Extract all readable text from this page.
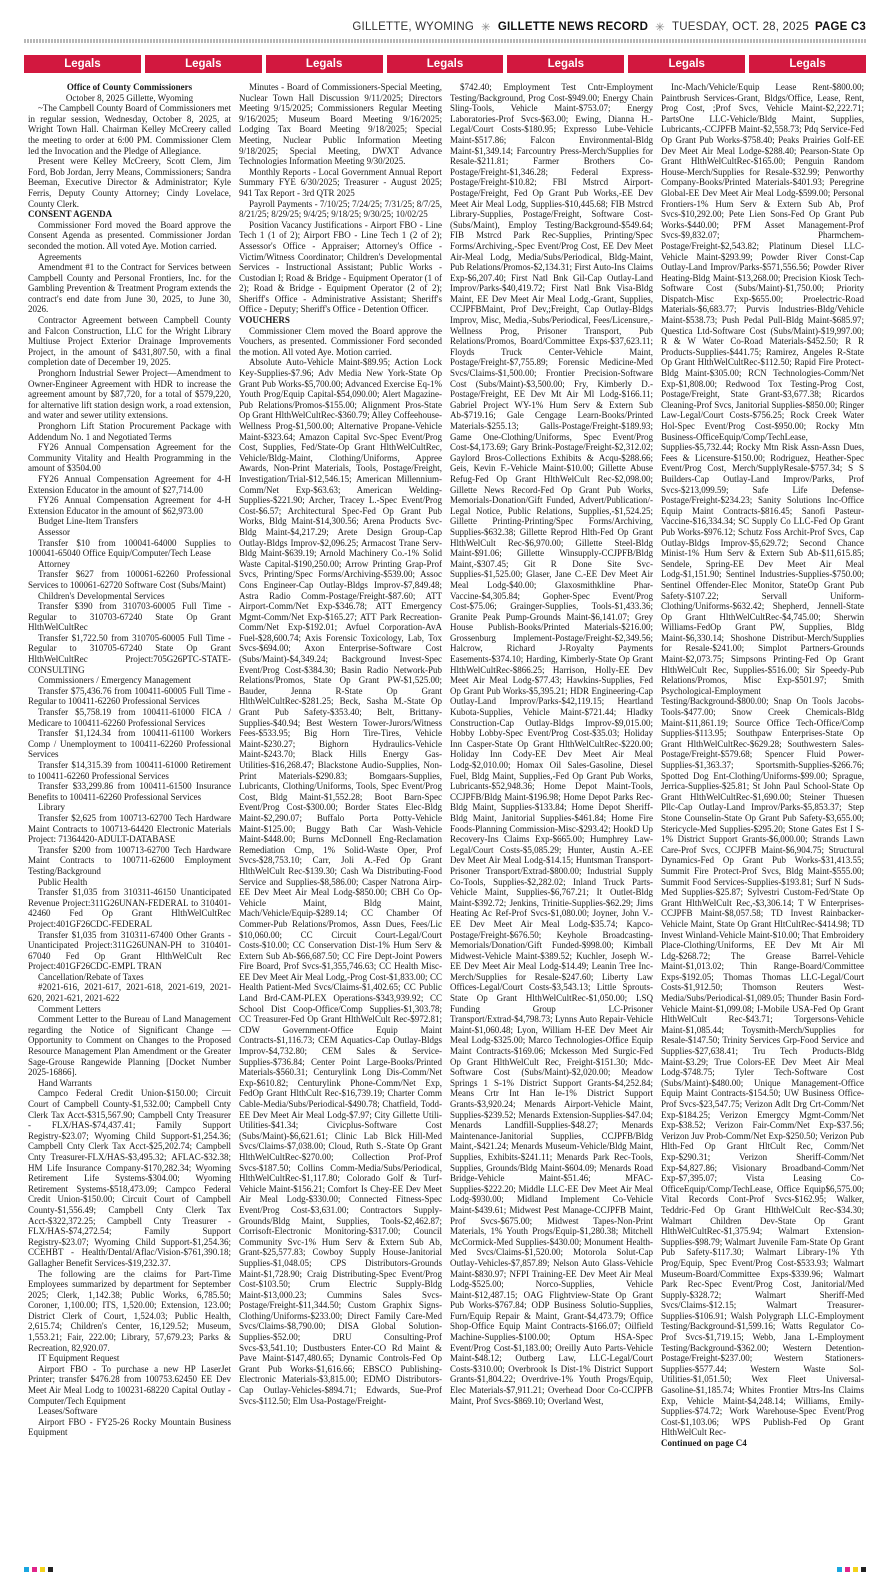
GILLETTE, WYOMING ✳ GILLETTE NEWS RECORD ✳ TUESDAY, OCT. 28, 2025 PAGE C3
Legals	Legals	Legals	Legals	Legals	Legals	Legals

Office of County Commissioners

October 8, 2025 Gillette, Wyoming

~The Campbell County Board of Commissioners met in regular session, Wednesday, October 8, 2025, at Wright Town Hall. Chairman Kelley McCreery called the meeting to order at 6:00 PM. Commissioner Clem led the Invocation and the Pledge of Allegiance.

Present were Kelley McCreery, Scott Clem, Jim Ford, Bob Jordan, Jerry Means, Commissioners; Sandra Beeman, Executive Director & Administrator; Kyle Ferris, Deputy County Attorney; Cindy Lovelace, County Clerk.

CONSENT AGENDA

Commissioner Ford moved the Board approve the Consent Agenda as presented. Commissioner Jordan seconded the motion. All voted Aye. Motion carried.

Agreements

Amendment #1 to the Contract for Services between Campbell County and Personal Frontiers, Inc. for the Gambling Prevention & Treatment Program extends the contract's end date from June 30, 2025, to June 30, 2026.

Contractor Agreement between Campbell County and Falcon Construction, LLC for the Wright Library Multiuse Project Exterior Drainage Improvements Project, in the amount of $431,807.50, with a final completion date of December 19, 2025.

Pronghorn Industrial Sewer Project—Amendment to Owner-Engineer Agreement with HDR to increase the agreement amount by $87,720, for a total of $579,220, for alternative lift station design work, a road extension, and water and sewer utility extensions.

Pronghorn Lift Station Procurement Package with Addendum No. 1 and Negotiated Terms

FY26 Annual Compensation Agreement for the Community Vitality and Health Programming in the amount of $3504.00

FY26 Annual Compensation Agreement for 4-H Extension Educator in the amount of $27,714.00

FY26 Annual Compensation Agreement for 4-H Extension Educator in the amount of $62,973.00

Budget Line-Item Transfers

Assessor

Transfer $10 from 100041-64000 Supplies to 100041-65040 Office Equip/Computer/Tech Lease

Attorney

Transfer $627 from 100061-62260 Professional Services to 100061-62720 Software Cost (Subs/Maint)

Children's Developmental Services

Transfer $390 from 310703-60005 Full Time - Regular to 310703-67240 State Op Grant HlthWelCultRec

Transfer $1,722.50 from 310705-60005 Full Time - Regular to 310705-67240 State Op Grant HlthWelCultRec Project:705G26PTC-STATE-CONSULTING

Commissioners / Emergency Management

Transfer $75,436.76 from 100411-60005 Full Time - Regular to 100411-62260 Professional Services

Transfer $5,758.19 from 100411-61000 FICA / Medicare to 100411-62260 Professional Services

Transfer $1,124.34 from 100411-61100 Workers Comp / Unemployment to 100411-62260 Professional Services

Transfer $14,315.39 from 100411-61000 Retirement to 100411-62260 Professional Services

Transfer $33,299.86 from 100411-61500 Insurance Benefits to 100411-62260 Professional Services

Library

Transfer $2,625 from 100713-62700 Tech Hardware Maint Contracts to 100713-64420 Electronic Materials Project: 71364420-ADULT-DATABASE

Transfer $200 from 100713-62700 Tech Hardware Maint Contracts to 100711-62600 Employment Testing/Background

Public Health

Transfer $1,035 from 310311-46150 Unanticipated Revenue Project:311G26UNAN-FEDERAL to 310401-42460 Fed Op Grant HlthWelCultRec Project:401GF26CDC-FEDERAL

Transfer $1,035 from 310311-67400 Other Grants - Unanticipated Project:311G26UNAN-PH to 310401-67040 Fed Op Grant HlthWelCult Rec Project:401GF26CDC-EMPL TRAN

Cancellation/Rebate of Taxes

#2021-616, 2021-617, 2021-618, 2021-619, 2021-620, 2021-621, 2021-622

Comment Letters

Comment Letter to the Bureau of Land Management regarding the Notice of Significant Change — Opportunity to Comment on Changes to the Proposed Resource Management Plan Amendment or the Greater Sage-Grouse Rangewide Planning [Docket Number 2025-16866].

Hand Warrants

Campco Federal Credit Union-$150.00; Circuit Court of Campbell County-$1,532.00; Campbell Cnty Clerk Tax Acct-$315,567.90; Campbell Cnty Treasurer - FLX/HAS-$74,437.41; Family Support Registry-$23.07; Wyoming Child Support-$1,254.36; Campbell Cnty Clerk Tax Acct-$25,202.74; Campbell Cnty Treasurer-FLX/HAS-$3,495.32; AFLAC-$32.38; HM Life Insurance Company-$170,282.34; Wyoming Retirement Life Systems-$304.00; Wyoming Retirement Systems-$518,473.09; Campco Federal Credit Union-$150.00; Circuit Court of Campbell County-$1,556.49; Campbell Cnty Clerk Tax Acct-$322,372.25; Campbell Cnty Treasurer - FLX/HAS-$74,272.54; Family Support Registry-$23.07; Wyoming Child Support-$1,254.36; CCEHBT - Health/Dental/Aflac/Vision-$761,390.18; Gallagher Benefit Services-$19,232.37.

The following are the claims for Part-Time Employees summarized by department for September 2025; Clerk, 1,142.38; Public Works, 6,785.50; Coroner, 1,100.00; ITS, 1,520.00; Extension, 123.00; District Clerk of Court, 1,524.03; Public Health, 2,615.74; Children's Center, 16,129.52; Museum, 1,553.21; Fair, 222.00; Library, 57,679.23; Parks & Recreation, 82,920.07.

IT Equipment Request

Airport FBO - To purchase a new HP LaserJet Printer; transfer $476.28 from 100753.62450 EE Dev Meet Air Meal Lodg to 100231-68220 Capital Outlay - Computer/Tech Equipment

Leases/Software

Airport FBO - FY25-26 Rocky Mountain Business Equipment

Minutes - Board of Commissioners-Special Meeting, Nuclear Town Hall Discussion 9/11/2025; Directors Meeting 9/15/2025; Commissioners Regular Meeting 9/16/2025; Museum Board Meeting 9/16/2025; Lodging Tax Board Meeting 9/18/2025; Special Meeting, Nuclear Public Information Meeting 9/18/2025; Special Meeting, DWXT Advance Technologies Information Meeting 9/30/2025.

Monthly Reports - Local Government Annual Report Summary FYE 6/30/2025; Treasurer - August 2025; 941 Tax Report - 3rd QTR 2025

Payroll Payments - 7/10/25; 7/24/25; 7/31/25; 8/7/25, 8/21/25; 8/29/25; 9/4/25; 9/18/25; 9/30/25; 10/02/25

Position Vacancy Justifications - Airport FBO - Line Tech 1 (1 of 2); Airport FBO - Line Tech 1 (2 of 2); Assessor's Office - Appraiser; Attorney's Office - Victim/Witness Coordinator; Children's Developmental Services - Instructional Assistant; Public Works - Custodian I; Road & Bridge - Equipment Operator (1 of 2); Road & Bridge - Equipment Operator (2 of 2); Sheriff's Office - Administrative Assistant; Sheriff's Office - Deputy; Sheriff's Office - Detention Officer.

VOUCHERS

Commissioner Clem moved the Board approve the Vouchers, as presented. Commissioner Ford seconded the motion. All voted Aye. Motion carried.

Absolute Auto-Vehicle Maint-$89.95; Action Lock Key-Supplies-$7.96; Adv Media New York-State Op Grant Pub Works-$5,700.00; Advanced Exercise Eq-1% Youth Prog/Equip Capital-$54,090.00; Alert Magazine-Pub Relations/Promos-$155.00; Alignment Pros-State Op Grant HlthWelCultRec-$360.79; Alley Coffeehouse-Wellness Prog-$1,500.00; Alternative Propane-Vehicle Maint-$323.64; Amazon Capital Svc-Spec Event/Prog Cost, Supplies, Fed/State-Op Grant HlthWelCultRec, Vehicle/Bldg-Maint, Clothing/Uniforms, Appree Awards, Non-Print Materials, Tools, Postage/Freight, Investigation/Trial-$12,546.15; American Millennium-Comm/Net Exp-$63.63; American Welding-Supplies-$221.90; Archer, Tracey L.-Spec Event/Prog Cost-$6.57; Architectural Spec-Fed Op Grant Pub Works, Bldg Maint-$14,300.56; Arena Products Svc-Bldg Maint-$4,217.29; Arete Design Group-Cap Outlay-Bldgs Improv-$2,096.25; Armacost Trane Serv-Bldg Maint-$639.19; Arnold Machinery Co.-1% Solid Waste Capital-$190,250.00; Arrow Printing Grap-Prof Svcs, Printing/Spec Forms/Archiving-$539.00; Assoc Cons Engineer-Cap Outlay-Bldgs Improv-$7,849.48; Astra Radio Comm-Postage/Freight-$87.60; ATT Airport-Comm/Net Exp-$346.78; ATT Emergency Mgmt-Comm/Net Exp-$165.27; ATT Park Recreation-Comm/Net Exp-$192.01; Avfuel Corporation-AvA Fuel-$28,600.74; Axis Forensic Toxicology, Lab, Tox Svcs-$694.00; Axon Enterprise-Software Cost (Subs/Maint)-$4,349.24; Background Invest-Spec Event/Prog Cost-$384.30; Basin Radio Network-Pub Relations/Promos, State Op Grant PW-$1,525.00; Bauder, Jenna R-State Op Grant HlthWelCultRec-$281.25; Beck, Sasha M.-State Op Grant Pub Safety-$353.40; Belt, Brittany-Supplies-$40.94; Best Western Tower-Jurors/Witness Fees-$533.95; Big Horn Tire-Tires, Vehicle Maint-$230.27; Bighorn Hydraulics-Vehicle Maint-$243.70; Black Hills Energy Gas-Utilities-$16,268.47; Blackstone Audio-Supplies, Non-Print Materials-$290.83; Bomgaars-Supplies, Lubricants, Clothing/Uniforms, Tools, Spec Event/Prog Cost, Bldg Maint-$1,552.28; Boot Barn-Spec Event/Prog Cost-$300.00; Border States Elec-Bldg Maint-$2,290.07; Buffalo Porta Potty-Vehicle Maint-$125.00; Buggy Bath Car Wash-Vehicle Maint-$448.00; Burns McDonnell Eng-Reclamation Remediation Cmp, 1% Solid-Waste Oper, Prof Svcs-$28,753.10; Carr, Joli A.-Fed Op Grant HlthWelCult Rec-$139.30; Cash Wa Distributing-Food Service and Supplies-$8,586.00; Casper Natrona Airp-EE Dev Meet Air Meal Lodg-$850.00; CBH Co Op-Vehicle Maint, Bldg Maint, Mach/Vehicle/Equip-$289.14; CC Chamber Of Commer-Pub Relations/Promos, Assn Dues, Fees/Lic $10,060.00; CC Circuit Court-Legal/Court Costs-$10.00; CC Conservation Dist-1% Hum Serv & Extern Sub Ab-$66,687.50; CC Fire Dept-Joint Powers Fire Board, Prof Svcs-$1,355,746.63; CC Health Misc-EE Dev Meet Air Meal Lodg,-Prog Cost-$1,833.00; CC Health Patient-Med Svcs/Claims-$1,402.65; CC Public Land Brd-CAM-PLEX Operations-$343,939.92; CC School Dist Coop-Office/Comp Supplies-$1,303.78; CC Treasurer-Fed Op Grant HlthWelCult Rec-$972.81; CDW Government-Office Equip Maint Contracts-$1,116.73; CEM Aquatics-Cap Outlay-Bldgs Improv-$4,732.80; CEM Sales & Service-Supplies-$736.84; Center Point Large-Books/Printed Materials-$560.31; Centurylink Long Dis-Comm/Net Exp-$610.82; Centurylink Phone-Comm/Net Exp, FedOp Grant HlthCult Rec-$16,739.19; Charter Comm Cable-Media/Subs/Periodical-$490.78; Chatfield, Todd-EE Dev Meet Air Meal Lodg-$7.97; City Gillette Utili-Utilities-$41.34; Civicplus-Software Cost (Subs/Maint)-$6,621.61; Clinic Lab Blck Hill-Med Svcs/Claims-$7,038.00; Cloud, Ruth S.-State Op Grant HlthWelCultRec-$270.00; Collection Prof-Prof Svcs-$187.50; Collins Comm-Media/Subs/Periodical, HlthWelCultRec-$1,117.80; Colorado Golf & Turf-Vehicle Maint-$156.21; Comfort Is Chey-EE Dev Meet Air Meal Lodg-$330.00; Connected Fitness-Spec Event/Prog Cost-$3,631.00; Contractors Supply-Grounds/Bldg Maint, Supplies, Tools-$2,462.87; Corrisoft-Electronic Monitoring-$317.00; Council Community Svc-1% Hum Serv & Extern Sub Ab, Grant-$25,577.83; Cowboy Supply House-Janitorial Supplies-$1,048.05; CPS Distributors-Grounds Maint-$1,728.90; Craig Distributing-Spec Event/Prog Cost-$103.50; Crum Electric Supply-Bldg Maint-$13,000.23; Cummins Sales Svcs-Postage/Freight-$11,344.50; Custom Graphix Signs-Clothing/Uniforms-$233.00; Direct Family Care-Med Svcs/Claims-$8,790.00; DISA Global Solution-Supplies-$52.00; DRU Consulting-Prof Svcs-$3,541.10; Dustbusters Enter-CO Rd Maint & Pave Maint-$147,480.65; Dynamic Controls-Fed Op Grant Pub Works-$1,616.66; EBSCO Publishing-Electronic Materials-$3,815.00; EDMO Distributors-Cap Outlay-Vehicles-$894.71; Edwards, Sue-Prof Svcs-$112.50; Elm Usa-Postage/Freight-

$742.40; Employment Test Cntr-Employment Testing/Background, Prog Cost-$949.00; Energy Chain Sling-Tools, Vehicle Maint-$753.07; Energy Laboratories-Prof Svcs-$63.00; Ewing, Dianna H.-Legal/Court Costs-$180.95; Expresso Lube-Vehicle Maint-$517.86; Falcon Environmental-Bldg Maint-$1,349.14; Farcountry Press-Merch/Supplies for Resale-$211.81; Farmer Brothers Co-Postage/Freight-$1,346.28; Federal Express-Postage/Freight-$10.82; FBI Mstrcd Airport-Postage/Freight, Fed Op Grant Pub Works,-EE Dev Meet Air Meal Lodg, Supplies-$10,445.68; FIB Mstrcd Library-Supplies, Postage/Freight, Software Cost-(Subs/Maint), Employ Testing/Background-$549.64; FIB Mstrcd Park Rec-Supplies, Printing/Spec Forms/Archiving,-Spec Event/Prog Cost, EE Dev Meet Air-Meal Lodg, Media/Subs/Periodical, Bldg-Maint, Pub Relations/Promos-$2,134.31; First Auto-Ins Claims Exp-$6,207.40; First Natl Bnk Gil-Cap Outlay-Land Improv/Parks-$40,419.72; First Natl Bnk Visa-Bldg Maint, EE Dev Meet Air Meal Lodg,-Grant, Supplies, CCJPFBMaint, Prof Dev,;Freight, Cap Outlay-Bldgs Improv, Misc, Media,-Subs/Periodical, Fees/Licensure,-Wellness Prog, Prisoner Transport, Pub Relations/Promos, Board/Committee Exps-$37,623.11; Floyds Truck Center-Vehicle Maint, Postage/Freight-$7,755.89; Forensic Medicine-Med Svcs/Claims-$1,500.00; Frontier Precision-Software Cost (Subs/Maint)-$3,500.00; Fry, Kimberly D.-Postage/Freight, EE Dev Mt Air Ml Lodg-$166.11; Gabriel Project WY-1% Hum Serv & Extern Sub Ab-$719.16; Gale Cengage Learn-Books/Printed Materials-$255.13; Galls-Postage/Freight-$189.93; Game One-Clothing/Uniforms, Spec Event/Prog Cost-$4,173.69; Gary Brink-Postage/Freight-$2,312.02; Gaylord Bros-Collections Exhibits & Acqu-$288.66; Geis, Kevin F.-Vehicle Maint-$10.00; Gillette Abuse Refug-Fed Op Grant HlthWelCult Rec-$2,098.00; Gillette News Record-Fed Op Grant Pub Works, Memorials-Donation/Gift Funded, Advert/Publication/-Legal Notice, Public Relations, Supplies,-$1,524.25; Gillette Printing-Printing/Spec Forms/Archiving, Supplies-$632.38; Gillette Reprod Hlth-Fed Op Grant HlthWelCult Rec-$6,970.00; Gillette Steel-Bldg Maint-$91.06; Gillette Winsupply-CCJPFB/Bldg Maint,-$307.45; Git R Done Site Svc-Supplies-$1,525.00; Glaser, Jane C.-EE Dev Meet Air Meal Lodg-$40.00; Glaxosmithkline Phar-Vaccine-$4,305.84; Gopher-Spec Event/Prog Cost-$75.06; Grainger-Supplies, Tools-$1,433.36; Granite Peak Pump-Grounds Maint-$6,141.07; Grey House Publish-Books/Printed Materials-$216.00; Grossenburg Implement-Postage/Freight-$2,349.56; Halcrow, Richard J-Royalty Payments Easements-$374.10; Harding, Kimberly-State Op Grant HlthWelCultRec-$866.25; Harrison, Holly-EE Dev Meet Air Meal Lodg-$77.43; Hawkins-Supplies, Fed Op Grant Pub Works-$5,395.21; HDR Engineering-Cap Outlay-Land Improv/Parks-$42,119.15; Heartland Kubota-Supplies, Vehicle Maint-$721.44; Hladky Construction-Cap Outlay-Bldgs Improv-$9,015.00; Hobby Lobby-Spec Event/Prog Cost-$35.03; Holiday Inn Casper-State Op Grant HlthWelCultRec-$220.00; Holiday Inn Cody-EE Dev Meet Air Meal Lodg-$2,010.00; Homax Oil Sales-Gasoline, Diesel Fuel, Bldg Maint, Supplies,-Fed Op Grant Pub Works, Lubricants-$52,948.36; Home Depot Maint-Tools, CCJPFB/Bldg Maint-$196.98; Home Depot Parks Rec-Bldg Maint, Supplies-$133.84; Home Depot Sheriff-Bldg Maint, Janitorial Supplies-$461.84; Home Fire Foods-Planning Commission-Misc-$293.42; HookD Up Recovery-Ins Claims Exp-$665.00; Humphrey Law-Legal/Court Costs-$5,085.29; Hunter, Austin A.-EE Dev Meet Air Meal Lodg-$14.15; Huntsman Transport-Prisoner Transport/Extrad-$800.00; Industrial Supply Co-Tools, Supplies-$2,282.02; Inland Truck Parts-Vehicle Maint, Supplies-$6,767.21; It Outlet-Bldg Maint-$392.72; Jenkins, Trinitie-Supplies-$62.29; Jims Heating Ac Ref-Prof Svcs-$1,080.00; Joyner, John V.-EE Dev Meet Air Meal Lodg-$35.74; Kapco-Postage/Freight-$676.50; Keyhole Broadcasting-Memorials/Donation/Gift Funded-$998.00; Kimball Midwest-Vehicle Maint-$389.52; Kuchler, Joseph W.-EE Dev Meet Air Meal Lodg-$14.49; Leanin Tree Inc-Merch/Supplies for Resale-$247.60; Liberty Law Offices-Legal/Court Costs-$3,543.13; Little Sprouts-State Op Grant HlthWelCultRec-$1,050.00; LSQ Funding Group LC-Prisoner Transport/Extrad-$4,798.73; Lynns Auto Repair-Vehicle Maint-$1,060.48; Lyon, William H-EE Dev Meet Air Meal Lodg-$325.00; Marco Technologies-Office Equip Maint Contracts-$169.06; Mckesson Med Surgic-Fed Op Grant HlthWelCult Rec, Freight-$151.30; Mdc-Software Cost (Subs/Maint)-$2,020.00; Meadow Springs 1 S-1% District Support Grants-$4,252.84; Means Crtr Int Han Ie-1% District Support Grants-$3,920.24; Menards Airport-Vehicle Maint, Supplies-$239.52; Menards Extension-Supplies-$47.04; Menards Landfill-Supplies-$48.27; Menards Maintenance-Janitorial Supplies, CCJPFB/Bldg Maint,-$421.24; Menards Museum-Vehicle/Bldg Maint, Supplies, Exhibits-$241.11; Menards Park Rec-Tools, Supplies, Grounds/Bldg Maint-$604.09; Menards Road Bridge-Vehicle Maint-$51.46; MFAC-Supplies-$222.20; Middle LLC-EE Dev Meet Air Meal Lodg-$930.00; Midland Implement Co-Vehicle Maint-$439.61; Midwest Pest Manage-CCJPFB Maint, Prof Svcs-$675.00; Midwest Tapes-Non-Print Materials, 1% Youth Progs/Equip-$1,280.38; Mitchell McCormick-Med Supplies-$430.00; Monument Health-Med Svcs/Claims-$1,520.00; Motorola Solut-Cap Outlay-Vehicles-$7,857.89; Nelson Auto Glass-Vehicle Maint-$830.97; NFPI Training-EE Dev Meet Air Meal Lodg-$525.00; Norco-Supplies, Vehicle Maint-$12,487.15; OAG Flightview-State Op Grant Pub Works-$767.84; ODP Business Solutio-Supplies, Furn/Equip Repair & Maint, Grant-$4,473.79; Office Shop-Office Equip Maint Contracts-$166.07; Oilfield Machine-Supplies-$100.00; Optum HSA-Spec Event/Prog Cost-$1,183.00; Oreilly Auto Parts-Vehicle Maint-$48.12; Outberg Law, LLC-Legal/Court Costs-$310.00; Overbrook Is Dist-1% District Support Grants-$1,804.22; Overdrive-1% Youth Progs/Equip, Elec Materials-$7,911.21; Overhead Door Co-CCJPFB Maint, Prof Svcs-$869.10; Overland West,

Inc-Mach/Vehicle/Equip Lease Rent-$800.00; Paintbrush Services-Grant, Bldgs/Office, Lease, Rent, Prog Cost, ;Prof Svcs, Vehicle Maint-$2,222.71; PartsOne LLC-Vehicle/Bldg Maint, Supplies, Lubricants,-CCJPFB Maint-$2,558.73; Pdq Service-Fed Op Grant Pub Works-$758.40; Peaks Prairies Golf-EE Dev Meet Air Meal Lodge-$288.40; Pearson-State Op Grant HlthWelCultRec-$165.00; Penguin Random House-Merch/Supplies for Resale-$32.99; Penworthy Company-Books/Printed Materials-$401.93; Peregrine Global-EE Dev Meet Air Meal Lodg-$599.00; Personal Frontiers-1% Hum Serv & Extern Sub Ab, Prof Svcs-$10,292.00; Pete Lien Sons-Fed Op Grant Pub Works-$440.00; PFM Asset Management-Prof Svcs-$9,832.07; Pharmchem-Postage/Freight-$2,543.82; Platinum Diesel LLC-Vehicle Maint-$293.99; Powder River Const-Cap Outlay-Land Improv/Parks-$571,556.56; Powder River Heating-Bldg Maint-$13,268.00; Precision Kiosk Tech-Software Cost (Subs/Maint)-$1,750.00; Priority Dispatch-Misc Exp-$655.00; Proelectric-Road Materials-$6,683.77; Purvis Industries-Bldg/Vehicle Maint-$538.73; Push Pedal Pull-Bldg Maint-$685.97; Questica Ltd-Software Cost (Subs/Maint)-$19,997.00; R & W Water Co-Road Materials-$452.50; R R Products-Supplies-$441.75; Ramirez, Angeles R-State Op Grant HlthWelCultRec-$112.50; Rapid Fire Protect-Bldg Maint-$305.00; RCN Technologies-Comm/Net Exp-$1,808.00; Redwood Tox Testing-Prog Cost, Postage/Freight, State Grant-$3,677.38; Ricardos Cleaning-Prof Svcs, Janitorial Supplies-$850.00; Ringer Law-Legal/Court Costs-$756.25; Rock Creek Water Hol-Spec Event/Prog Cost-$950.00; Rocky Mtn Business-OfficeEquip/Comp/TechLease, Supplies-$5,732.44; Rocky Mtn Risk Assn-Assn Dues, Fees & Licensure-$150.00; Rodriguez, Heather-Spec Event/Prog Cost, Merch/SupplyResale-$757.34; S S Builders-Cap Outlay-Land Improv/Parks, Prof Svcs-$213,099.59; Safe Life Defense-Postage/Freight-$234.23; Sanity Solutions Inc-Office Equip Maint Contracts-$816.45; Sanofi Pasteur-Vaccine-$16,334.34; SC Supply Co LLC-Fed Op Grant Pub Works-$976.12; Schutz Foss Archit-Prof Svcs, Cap Outlay-Bldgs Improv-$5,629.72; Second Chance Minist-1% Hum Serv & Extern Sub Ab-$11,615.85; Sendele, Spring-EE Dev Meet Air Meal Lodg-$1,151.90; Sentinel Industries-Supplies-$750.00; Sentinel Offender-Elec Monitor, StateOp Grant Pub Safety-$107.22; Servall Uniform-Clothing/Uniforms-$632.42; Shepherd, Jennell-State Op Grant HlthWelCultRec-$4,745.00; Sherwin Williams-FedOp Grant PW, Supplies, Bldg Maint-$6,330.14; Shoshone Distribut-Merch/Supplies for Resale-$241.00; Simplot Partners-Grounds Maint-$2,073.75; Simpsons Printing-Fed Op Grant HlthWelCult Rec, Supplies-$516.00; Sir Speedy-Pub Relations/Promos, Misc Exp-$501.97; Smith Psychological-Employment Testing/Background-$800.00; Snap On Tools Jacobs-Tools-$477.00; Snow Creek Chemicals-Bldg Maint-$11,861.19; Source Office Tech-Office/Comp Supplies-$113.95; Southpaw Enterprises-State Op Grant HlthWelCultRec-$629.28; Southwestern Sales-Postage/Freight-$579.68; Spencer Fluid Power-Supplies-$1,363.37; Sportsmith-Supplies-$266.76; Spotted Dog Ent-Clothing/Uniforms-$99.00; Sprague, Jerrica-Supplies-$25.81; St John Paul School-State Op Grant HlthWelCultRec-$1,690.00; Steiner Thuesen Pllc-Cap Outlay-Land Improv/Parks-$5,853.37; Step Stone Counselin-State Op Grant Pub Safety-$3,655.00; Stericycle-Med Supplies-$295.20; Stone Gates Est I S-1% District Support Grants-$6,000.00; Strands Lawn Care-Prof Svcs, CCJPFB Maint-$6,904.75; Structural Dynamics-Fed Op Grant Pub Works-$31,413.55; Summit Fire Protect-Prof Svcs, Bldg Maint-$555.00; Summit Food Services-Supplies-$193.81; Surf N Suds-Med Supplies-$25.87; Sylvestri Custom-Fed/State Op Grant HlthWelCult Rec,-$3,306.14; T W Enterprises-CCJPFB Maint-$8,057.58; TD Invest Rainbacker-Vehicle Maint, State Op Grant HltCultRec-$414.98; TD Invest Winland-Vehicle Maint-$10.00; That Embroidery Place-Clothing/Uniforms, EE Dev Mt Air Ml Ldg-$268.72; The Grease Barrel-Vehicle Maint-$1,013.02; Thin Range-Board/Committee Exps-$192.05; Thomas Thomas LLC-Legal/Court Costs-$1,912.50; Thomson Reuters West-Media/Subs/Periodical-$1,089.05; Thunder Basin Ford-Vehicle Maint-$1,099.08; I-Mobile USA-Fed Op Grant HlthWelCult Rec-$43.71; Torgersons-Vehicle Maint-$1,085.44; Toysmith-Merch/Supplies for Resale-$147.50; Trinity Services Grp-Food Service and Supplies-$27,638.41; Tru Tech Products-Bldg Maint-$3.29; True Colors-EE Dev Meet Air Meal Lodg-$748.75; Tyler Tech-Software Cost (Subs/Maint)-$480.00; Unique Management-Office Equip Maint Contracts-$154.50; UW Business Office-Prof Svcs-$23,547.75; Verizon Adlt Drg Crt-Comm/Net Exp-$184.25; Verizon Emergcy Mgmt-Comm/Net Exp-$38.52; Verizon Fair-Comm/Net Exp-$37.56; Verizon Juv Prob-Comm/Net Exp-$250.50; Verizon Pub Hlth-Fed Op Grant HltCult Rec, Comm/Net Exp-$290.31; Verizon Sheriff-Comm/Net Exp-$4,827.86; Visionary Broadband-Comm/Net Exp-$7,395.07; Vista Leasing Co-OfficeEquip/Comp/TechLease, Office Equip$6,575.00; Vital Records Cont-Prof Svcs-$162.95; Walker, Teddric-Fed Op Grant HlthWelCult Rec-$34.30; Walmart Children Dev-State Op Grant HlthWelCultRec-$1,375.94; Walmart Extension-Supplies-$98.79; Walmart Juvenile Fam-State Op Grant Pub Safety-$117.30; Walmart Library-1% Yth Prog/Equip, Spec Event/Prog Cost-$533.93; Walmart Museum-Board/Committee Exps-$339.96; Walmart Park Rec-Spec Event/Prog Cost, Janitorial/Med Supply-$328.72; Walmart Sheriff-Med Svcs/Claims-$12.15; Walmart Treasurer-Supplies-$106.91; Walsh Polygraph LLC-Employment Testing/Background-$1,599.16; Watts Regulator Co-Prof Svcs-$1,719.15; Webb, Jana L-Employment Testing/Background-$362.00; Western Detention-Postage/Freight-$237.00; Western Stationers-Supplies-$577.44; Western Waste Sol-Utilities-$1,051.50; Wex Fleet Universal-Gasoline-$1,185.74; Whites Frontier Mtrs-Ins Claims Exp, Vehicle Maint-$4,248.14; Williams, Emily-Supplies-$74.72; Work Warehouse-Spec Event/Prog Cost-$1,103.06; WPS Publish-Fed Op Grant HlthWelCult Rec-

Continued on page C4
